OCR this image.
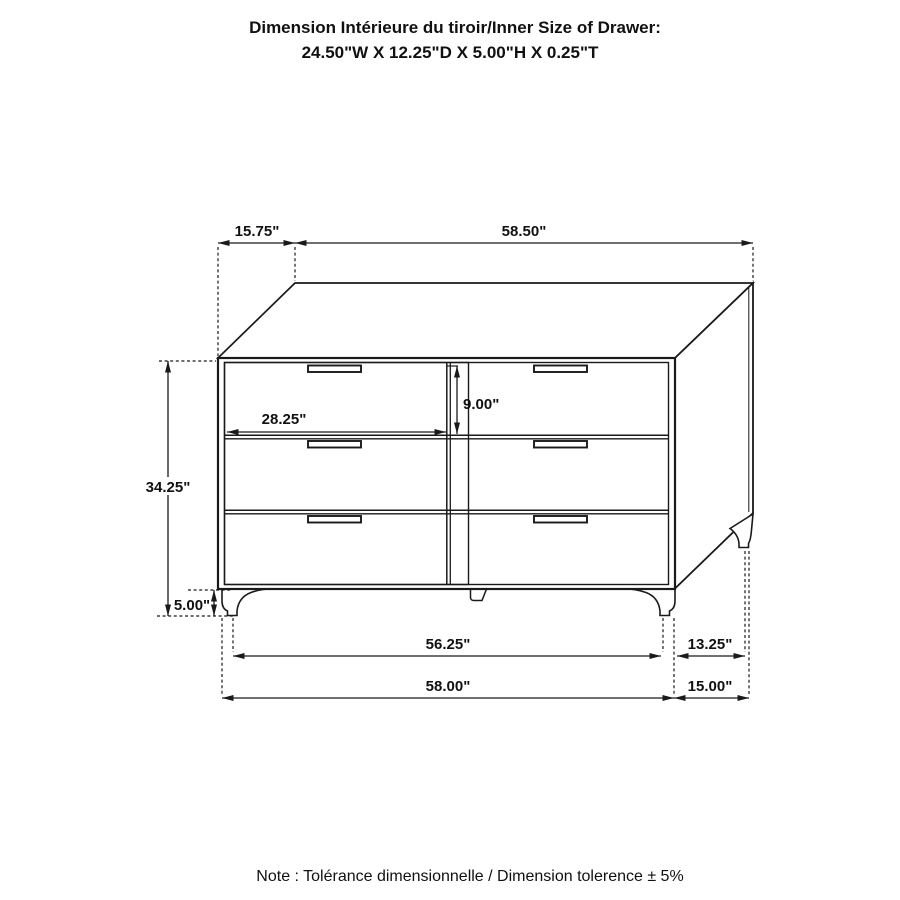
Dimension Intérieure du tiroir/Inner Size of Drawer:
24.50"W X 12.25"D X 5.00"H X 0.25"T
15.75"	58.50"
34.25"
5.00"
9.00"
28.25"
56.25"	13.25"
58.00"	15.00"
Note : Tolérance dimensionnelle / Dimension tolerence ± 5%
